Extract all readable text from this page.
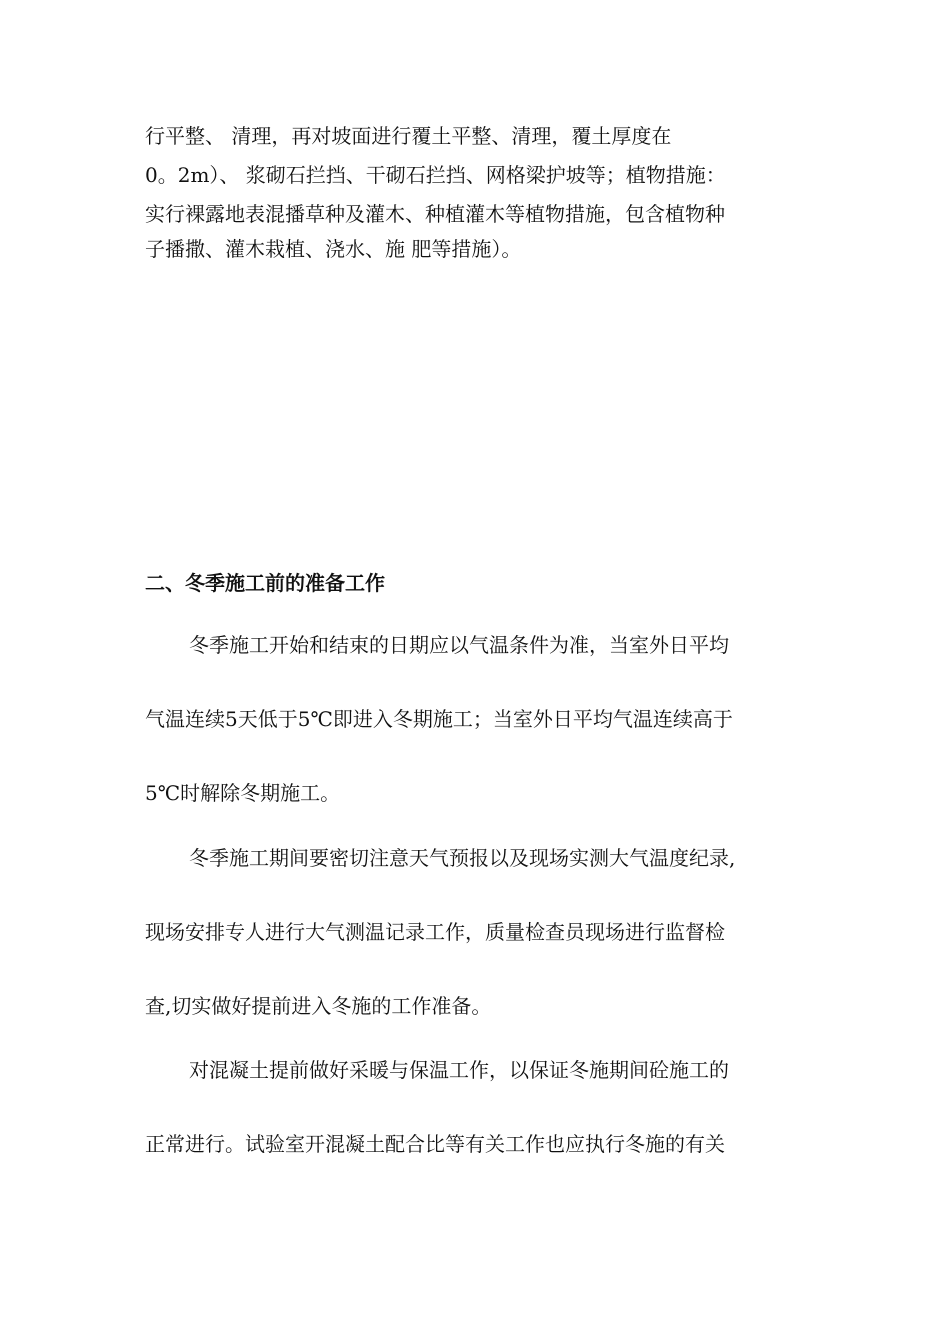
行平整、 清理，再对坡面进行覆土平整、清理，覆土厚度在
0。2m）、 浆砌石拦挡、干砌石拦挡、网格梁护坡等；植物措施：
实行裸露地表混播草种及灌木、种植灌木等植物措施，包含植物种
子播撒、灌木栽植、浇水、施 肥等措施）。
二、冬季施工前的准备工作
冬季施工开始和结束的日期应以气温条件为准，当室外日平均
气温连续5天低于5℃即进入冬期施工；当室外日平均气温连续高于
5℃时解除冬期施工。
冬季施工期间要密切注意天气预报以及现场实测大气温度纪录,
现场安排专人进行大气测温记录工作，质量检查员现场进行监督检
查,切实做好提前进入冬施的工作准备。
对混凝土提前做好采暖与保温工作，以保证冬施期间砼施工的
正常进行。试验室开混凝土配合比等有关工作也应执行冬施的有关
